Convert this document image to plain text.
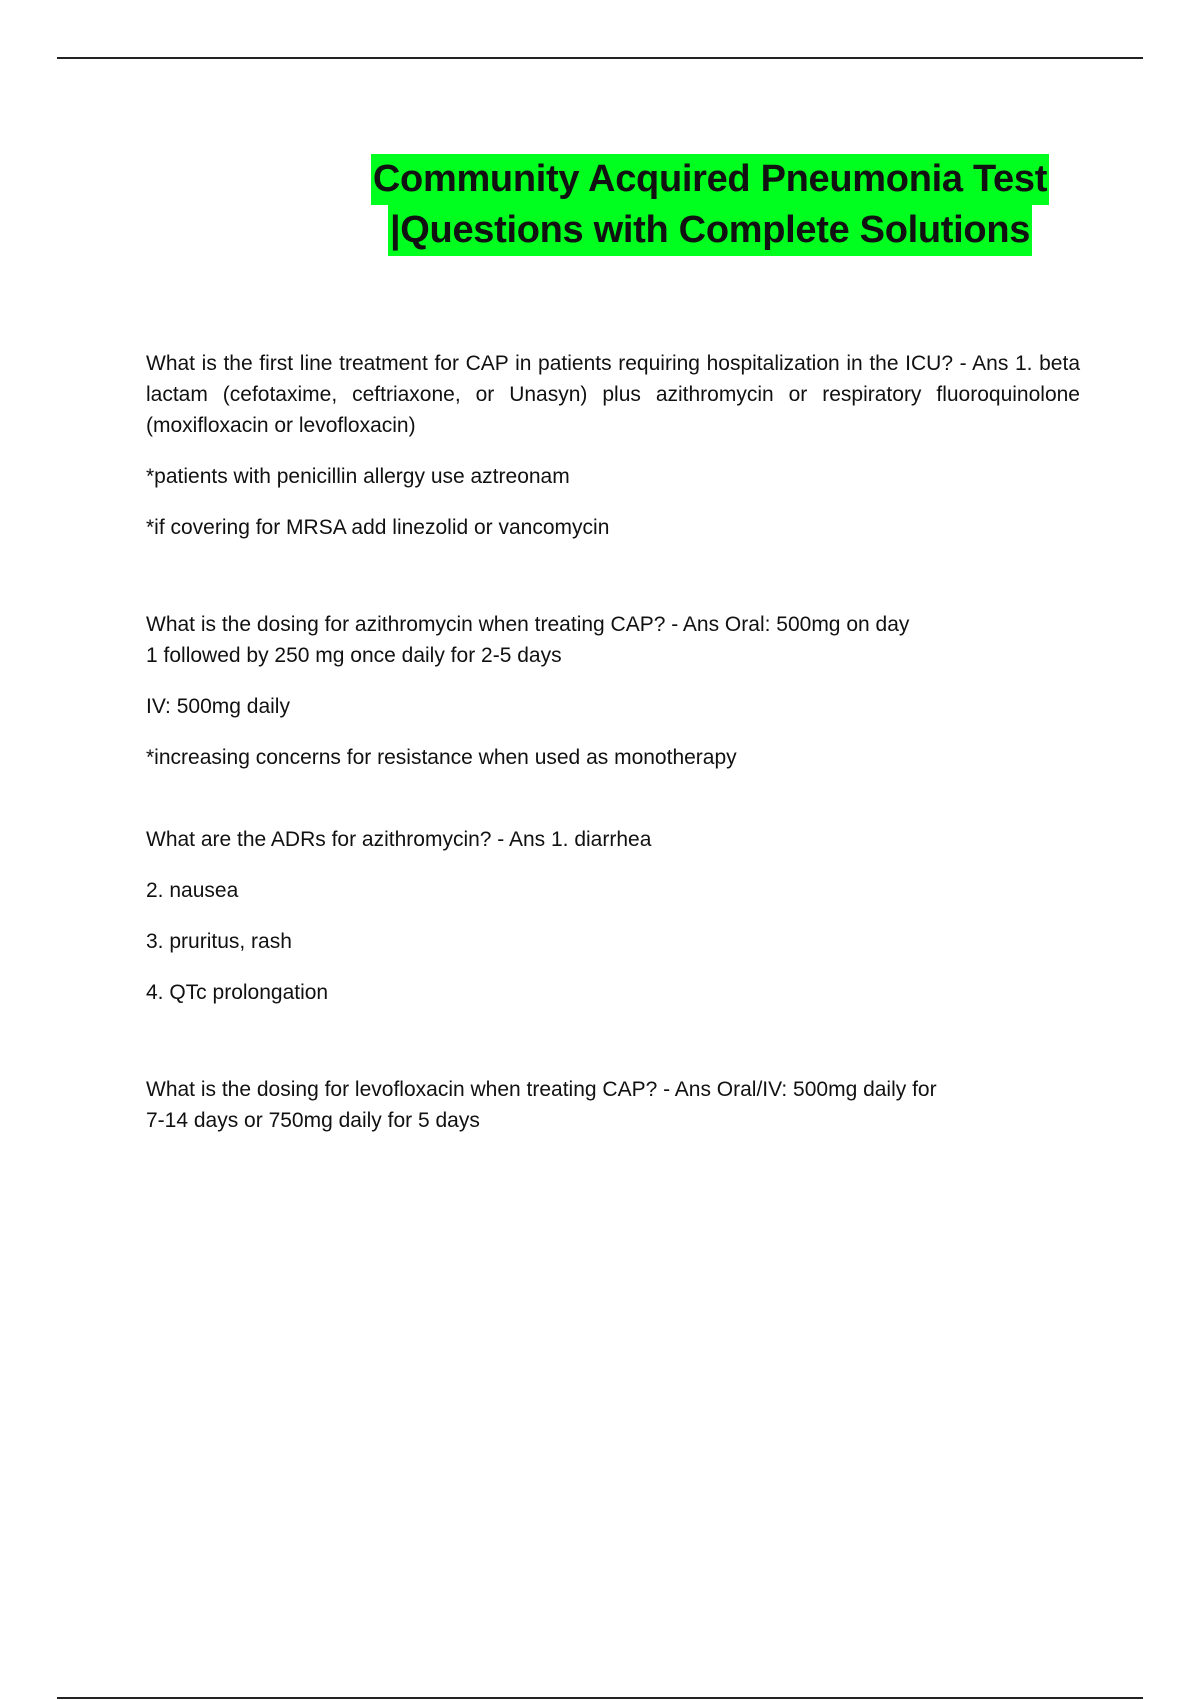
Community Acquired Pneumonia Test
|Questions with Complete Solutions

What is the first line treatment for CAP in patients requiring hospitalization in the ICU? - Ans 1. beta lactam (cefotaxime, ceftriaxone, or Unasyn) plus azithromycin or respiratory fluoroquinolone (moxifloxacin or levofloxacin)

*patients with penicillin allergy use aztreonam

*if covering for MRSA add linezolid or vancomycin

What is the dosing for azithromycin when treating CAP? - Ans Oral: 500mg on day
1 followed by 250 mg once daily for 2-5 days

IV: 500mg daily

*increasing concerns for resistance when used as monotherapy

What are the ADRs for azithromycin? - Ans 1. diarrhea

2. nausea

3. pruritus, rash

4. QTc prolongation

What is the dosing for levofloxacin when treating CAP? - Ans Oral/IV: 500mg daily for
7-14 days or 750mg daily for 5 days
